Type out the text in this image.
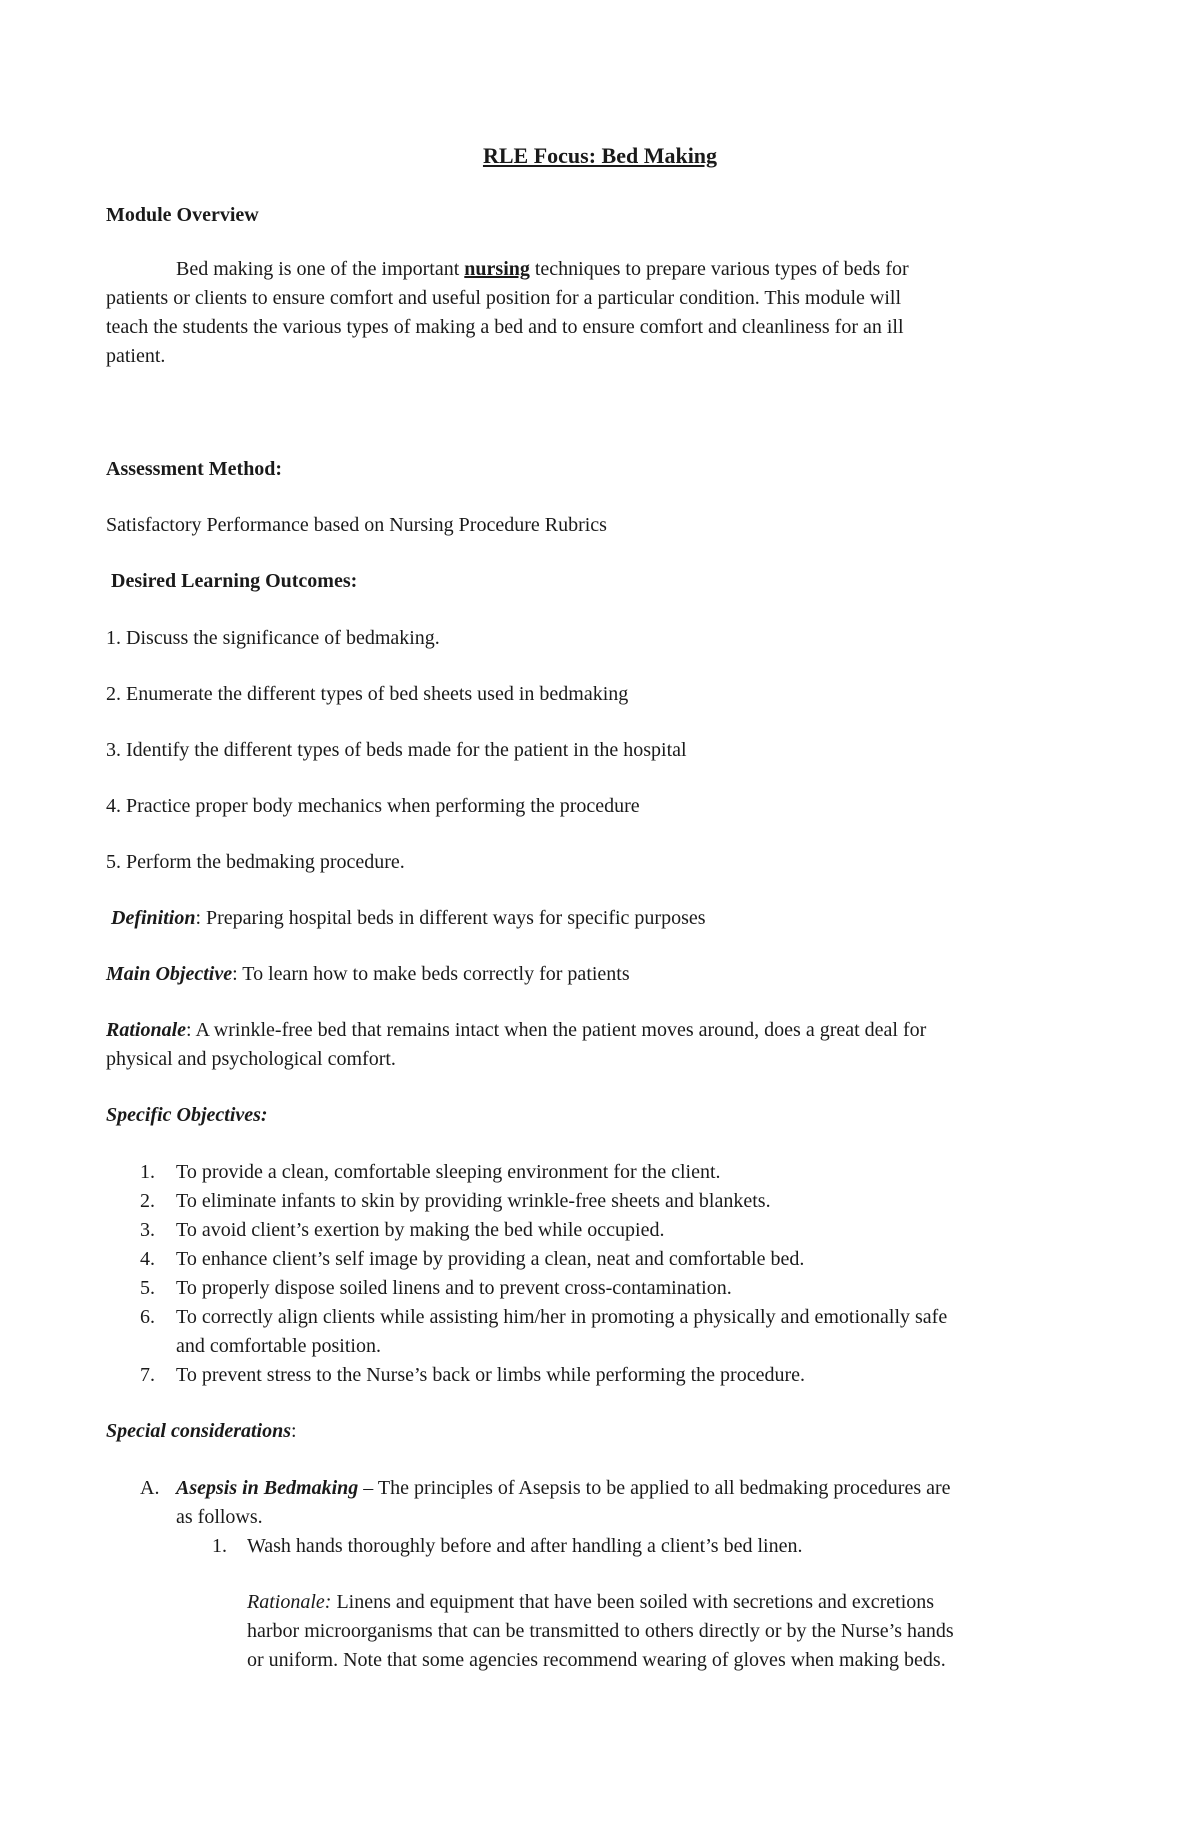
RLE Focus: Bed Making

Module Overview

Bed making is one of the important nursing techniques to prepare various types of beds for

patients or clients to ensure comfort and useful position for a particular condition. This module will

teach the students the various types of making a bed and to ensure comfort and cleanliness for an ill

patient.

Assessment Method:

Satisfactory Performance based on Nursing Procedure Rubrics

Desired Learning Outcomes:

1. Discuss the significance of bedmaking.

2. Enumerate the different types of bed sheets used in bedmaking

3. Identify the different types of beds made for the patient in the hospital

4. Practice proper body mechanics when performing the procedure

5. Perform the bedmaking procedure.

Definition: Preparing hospital beds in different ways for specific purposes

Main Objective: To learn how to make beds correctly for patients

Rationale: A wrinkle-free bed that remains intact when the patient moves around, does a great deal for

physical and psychological comfort.

Specific Objectives:

1. To provide a clean, comfortable sleeping environment for the client.

2. To eliminate infants to skin by providing wrinkle-free sheets and blankets.

3. To avoid client’s exertion by making the bed while occupied.

4. To enhance client’s self image by providing a clean, neat and comfortable bed.

5. To properly dispose soiled linens and to prevent cross-contamination.

6. To correctly align clients while assisting him/her in promoting a physically and emotionally safe

and comfortable position.

7. To prevent stress to the Nurse’s back or limbs while performing the procedure.

Special considerations:

A. Asepsis in Bedmaking – The principles of Asepsis to be applied to all bedmaking procedures are

as follows.

1. Wash hands thoroughly before and after handling a client’s bed linen.

Rationale: Linens and equipment that have been soiled with secretions and excretions

harbor microorganisms that can be transmitted to others directly or by the Nurse’s hands

or uniform. Note that some agencies recommend wearing of gloves when making beds.
